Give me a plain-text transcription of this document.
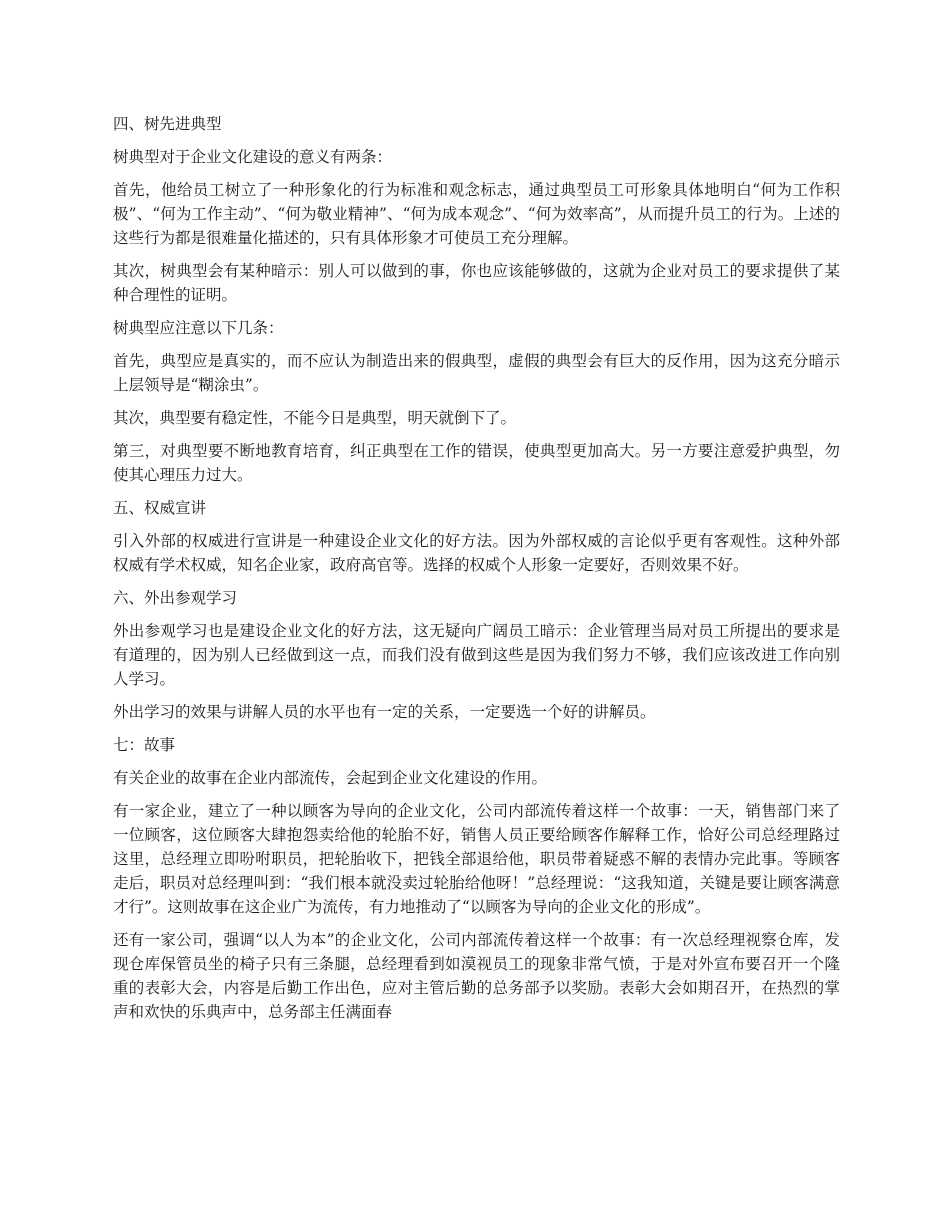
四、树先进典型

树典型对于企业文化建设的意义有两条：

首先，他给员工树立了一种形象化的行为标准和观念标志，通过典型员工可形象具体地明白“何为工作积极”、“何为工作主动”、“何为敬业精神”、“何为成本观念”、“何为效率高”，从而提升员工的行为。上述的这些行为都是很难量化描述的，只有具体形象才可使员工充分理解。

其次，树典型会有某种暗示：别人可以做到的事，你也应该能够做的，这就为企业对员工的要求提供了某种合理性的证明。

树典型应注意以下几条：

首先，典型应是真实的，而不应认为制造出来的假典型，虚假的典型会有巨大的反作用，因为这充分暗示上层领导是“糊涂虫”。

其次，典型要有稳定性，不能今日是典型，明天就倒下了。

第三，对典型要不断地教育培育，纠正典型在工作的错误，使典型更加高大。另一方要注意爱护典型，勿使其心理压力过大。

五、权威宣讲

引入外部的权威进行宣讲是一种建设企业文化的好方法。因为外部权威的言论似乎更有客观性。这种外部权威有学术权威，知名企业家，政府高官等。选择的权威个人形象一定要好，否则效果不好。

六、外出参观学习

外出参观学习也是建设企业文化的好方法，这无疑向广阔员工暗示：企业管理当局对员工所提出的要求是有道理的，因为别人已经做到这一点，而我们没有做到这些是因为我们努力不够，我们应该改进工作向别人学习。

外出学习的效果与讲解人员的水平也有一定的关系，一定要选一个好的讲解员。

七：故事

有关企业的故事在企业内部流传，会起到企业文化建设的作用。

有一家企业，建立了一种以顾客为导向的企业文化，公司内部流传着这样一个故事：一天，销售部门来了一位顾客，这位顾客大肆抱怨卖给他的轮胎不好，销售人员正要给顾客作解释工作，恰好公司总经理路过这里，总经理立即吩咐职员，把轮胎收下，把钱全部退给他，职员带着疑惑不解的表情办完此事。等顾客走后，职员对总经理叫到：“我们根本就没卖过轮胎给他呀！”总经理说：“这我知道，关键是要让顾客满意才行”。这则故事在这企业广为流传，有力地推动了“以顾客为导向的企业文化的形成”。

还有一家公司，强调“以人为本”的企业文化，公司内部流传着这样一个故事：有一次总经理视察仓库，发现仓库保管员坐的椅子只有三条腿，总经理看到如漠视员工的现象非常气愤，于是对外宣布要召开一个隆重的表彰大会，内容是后勤工作出色，应对主管后勤的总务部予以奖励。表彰大会如期召开，在热烈的掌声和欢快的乐典声中，总务部主任满面春
